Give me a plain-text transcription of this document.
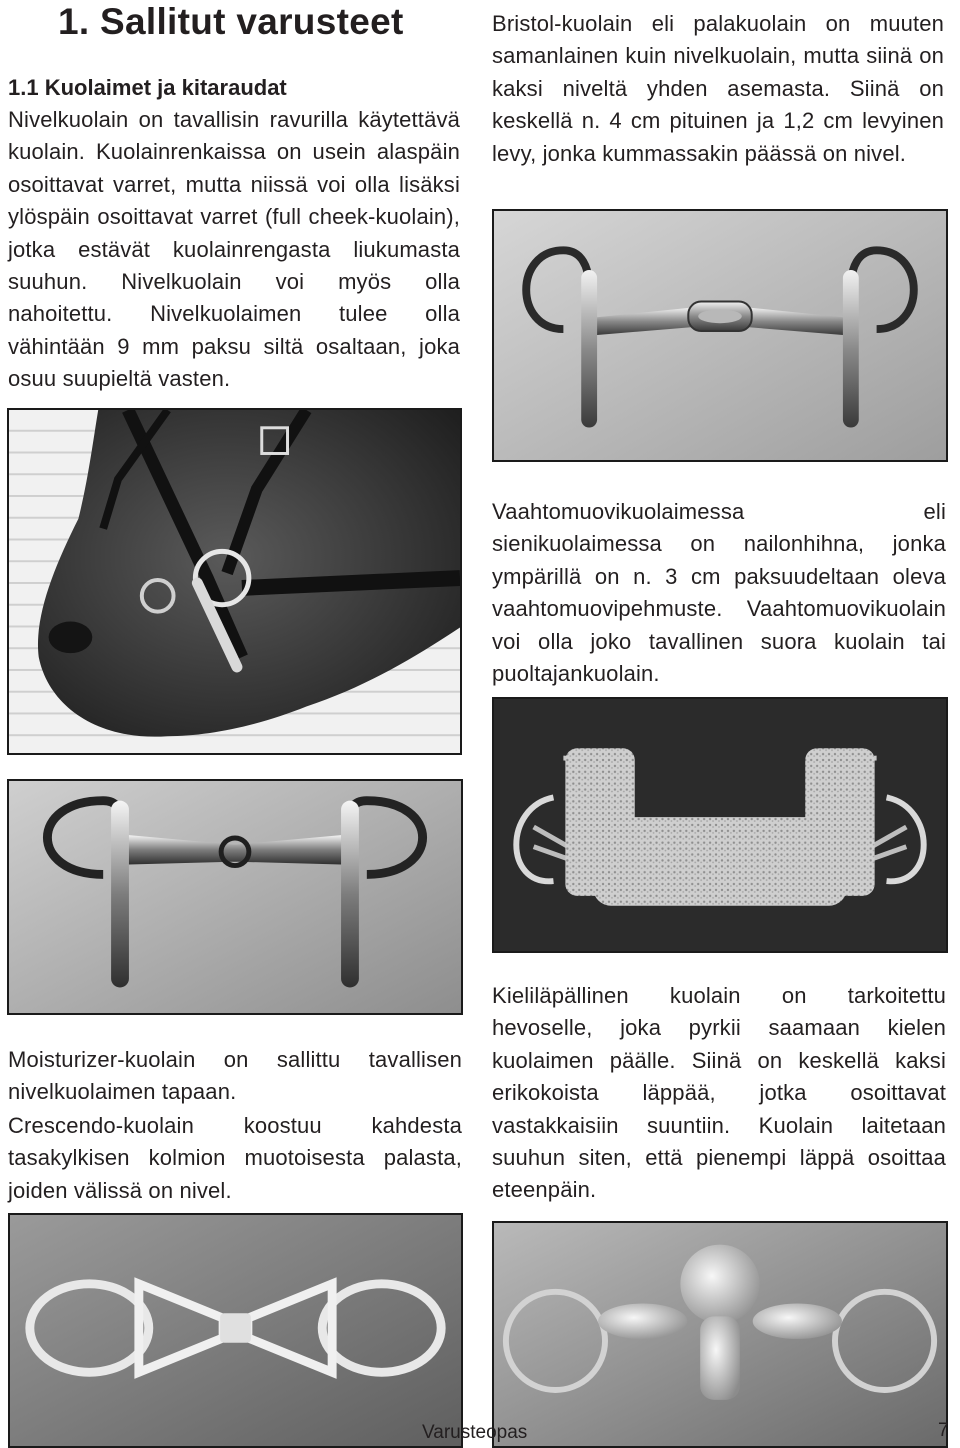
1. Sallitut varusteet
1.1 Kuolaimet ja kitaraudat

Nivelkuolain on tavallisin ravurilla käytettävä kuolain. Kuolainrenkaissa on usein alaspäin osoittavat varret, mutta niissä voi olla lisäksi ylöspäin osoittavat varret (full cheek-kuolain), jotka estävät kuolainrengasta liukumasta suuhun. Nivelkuolain voi myös olla nahoitettu. Nivelkuolaimen tulee olla vähintään 9 mm paksu siltä osaltaan, joka osuu suupieltä vasten.

Bristol-kuolain eli palakuolain on muuten samanlainen kuin nivelkuolain, mutta siinä on kaksi niveltä yhden asemasta. Siinä on keskellä n. 4 cm pituinen ja 1,2 cm levyinen levy, jonka kummassakin päässä on nivel.

Vaahtomuovikuolaimessa eli sienikuolaimessa on nailonhihna, jonka ympärillä on n. 3 cm paksuudeltaan oleva vaahtomuovipehmuste. Vaahtomuovikuolain voi olla joko tavallinen suora kuolain tai puoltajankuolain.

Moisturizer-kuolain on sallittu tavallisen nivelkuolaimen tapaan.

Crescendo-kuolain koostuu kahdesta tasakylkisen kolmion muotoisesta palasta, joiden välissä on nivel.

Kieliläpällinen kuolain on tarkoitettu hevoselle, joka pyrkii saamaan kielen kuolaimen päälle. Siinä on keskellä kaksi erikokoista läppää, jotka osoittavat vastakkaisiin suuntiin. Kuolain laitetaan suuhun siten, että pienempi läppä osoittaa eteenpäin.

Varusteopas	7
